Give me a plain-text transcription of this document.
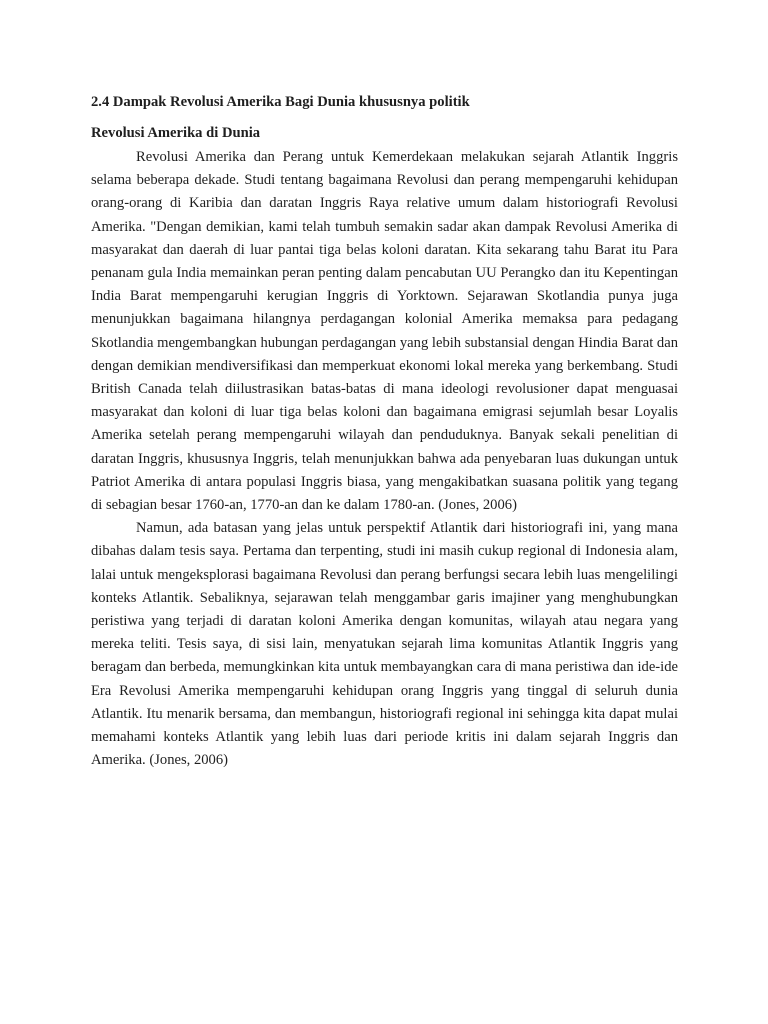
2.4 Dampak Revolusi Amerika Bagi Dunia khususnya politik
Revolusi Amerika di Dunia

Revolusi Amerika dan Perang untuk Kemerdekaan melakukan sejarah Atlantik Inggris selama beberapa dekade. Studi tentang bagaimana Revolusi dan perang mempengaruhi kehidupan orang-orang di Karibia dan daratan Inggris Raya relative umum dalam historiografi Revolusi Amerika. "Dengan demikian, kami telah tumbuh semakin sadar akan dampak Revolusi Amerika di masyarakat dan daerah di luar pantai tiga belas koloni daratan. Kita sekarang tahu Barat itu Para penanam gula India memainkan peran penting dalam pencabutan UU Perangko dan itu Kepentingan India Barat mempengaruhi kerugian Inggris di Yorktown. Sejarawan Skotlandia punya juga menunjukkan bagaimana hilangnya perdagangan kolonial Amerika memaksa para pedagang Skotlandia mengembangkan hubungan perdagangan yang lebih substansial dengan Hindia Barat dan dengan demikian mendiversifikasi dan memperkuat ekonomi lokal mereka yang berkembang. Studi British Canada telah diilustrasikan batas-batas di mana ideologi revolusioner dapat menguasai masyarakat dan koloni di luar tiga belas koloni dan bagaimana emigrasi sejumlah besar Loyalis Amerika setelah perang mempengaruhi wilayah dan penduduknya. Banyak sekali penelitian di daratan Inggris, khususnya Inggris, telah menunjukkan bahwa ada penyebaran luas dukungan untuk Patriot Amerika di antara populasi Inggris biasa, yang mengakibatkan suasana politik yang tegang di sebagian besar 1760-an, 1770-an dan ke dalam 1780-an. (Jones, 2006)

Namun, ada batasan yang jelas untuk perspektif Atlantik dari historiografi ini, yang mana dibahas dalam tesis saya. Pertama dan terpenting, studi ini masih cukup regional di Indonesia alam, lalai untuk mengeksplorasi bagaimana Revolusi dan perang berfungsi secara lebih luas mengelilingi konteks Atlantik. Sebaliknya, sejarawan telah menggambar garis imajiner yang menghubungkan peristiwa yang terjadi di daratan koloni Amerika dengan komunitas, wilayah atau negara yang mereka teliti. Tesis saya, di sisi lain, menyatukan sejarah lima komunitas Atlantik Inggris yang beragam dan berbeda, memungkinkan kita untuk membayangkan cara di mana peristiwa dan ide-ide Era Revolusi Amerika mempengaruhi kehidupan orang Inggris yang tinggal di seluruh dunia Atlantik. Itu menarik bersama, dan membangun, historiografi regional ini sehingga kita dapat mulai memahami konteks Atlantik yang lebih luas dari periode kritis ini dalam sejarah Inggris dan Amerika. (Jones, 2006)
